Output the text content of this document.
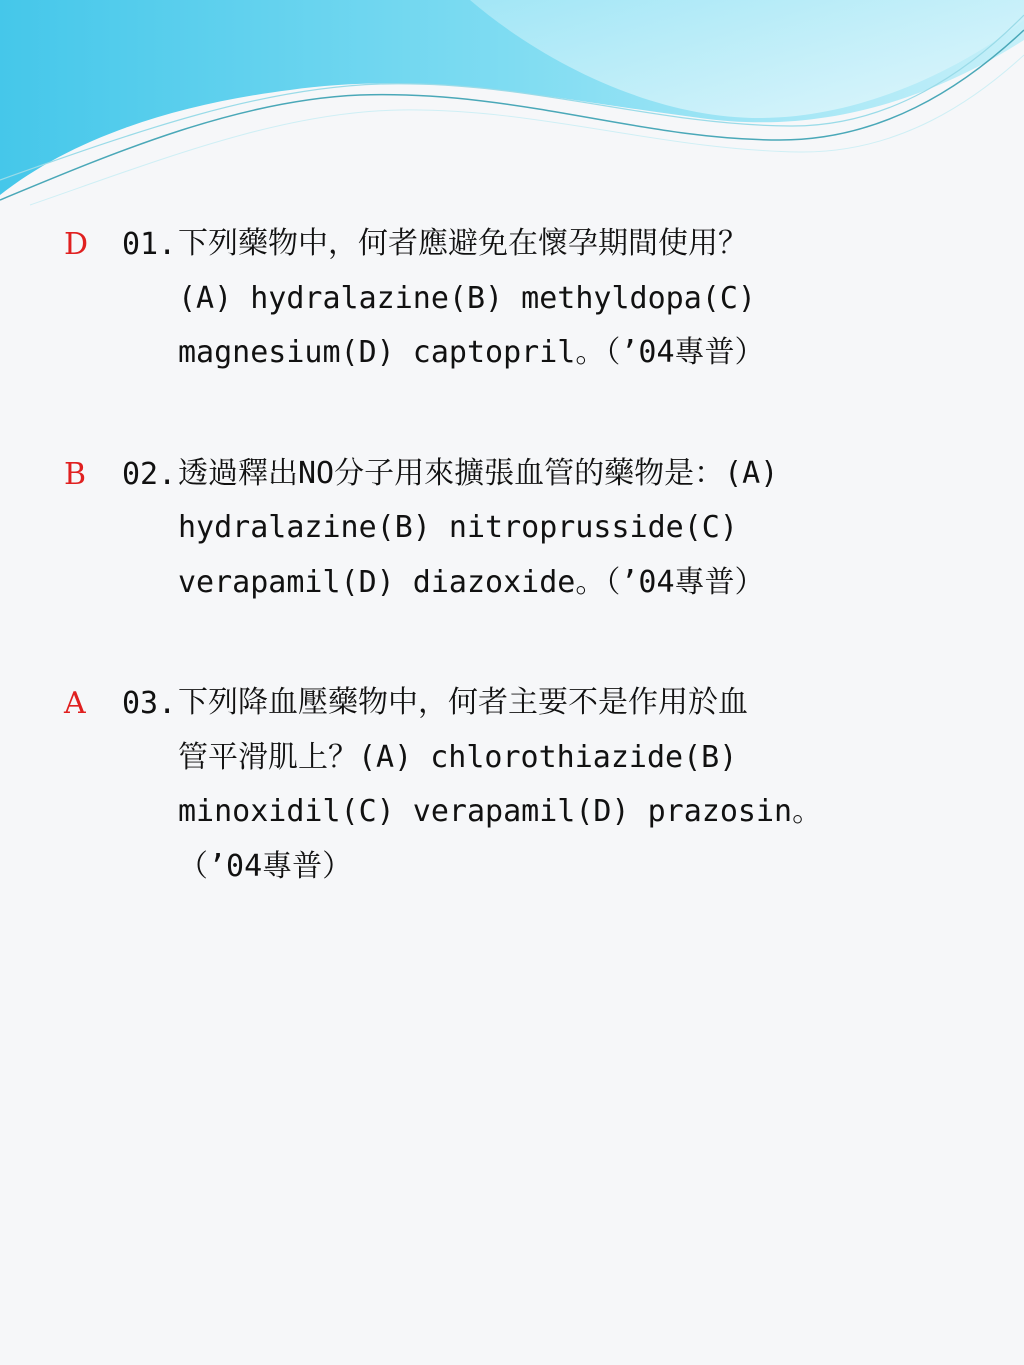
D	01. 下列藥物中，何者應避免在懷孕期間使用？
(A) hydralazine(B) methyldopa(C)
magnesium(D) captopril。（’04專普）
B	02. 透過釋出NO分子用來擴張血管的藥物是：(A)
hydralazine(B) nitroprusside(C)
verapamil(D) diazoxide。（’04專普）
A	03. 下列降血壓藥物中，何者主要不是作用於血
管平滑肌上？(A) chlorothiazide(B)
minoxidil(C) verapamil(D) prazosin。
（’04專普）
